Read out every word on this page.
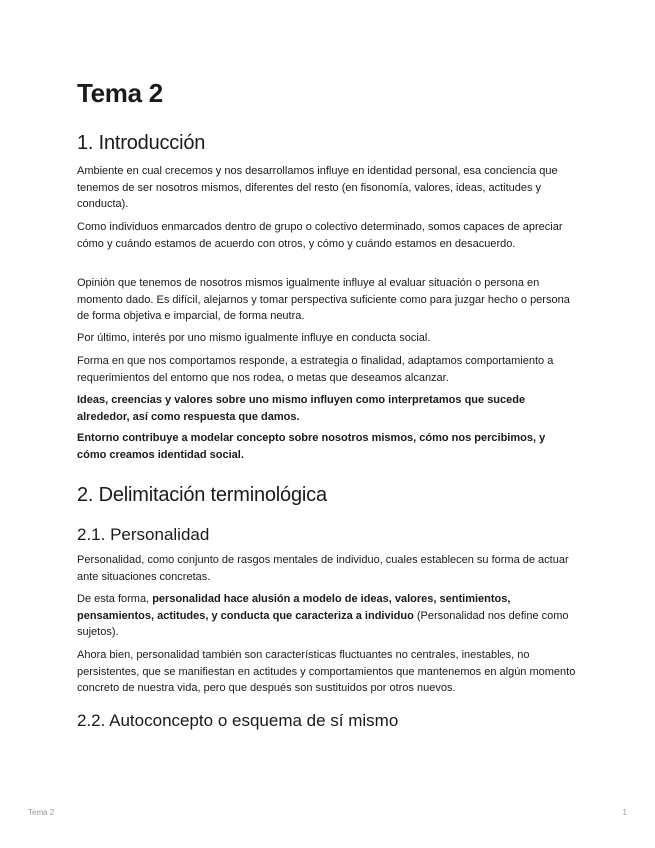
Tema 2
1. Introducción

Ambiente en cual crecemos y nos desarrollamos influye en identidad personal, esa conciencia que tenemos de ser nosotros mismos, diferentes del resto (en fisonomía, valores, ideas, actitudes y conducta).

Como individuos enmarcados dentro de grupo o colectivo determinado, somos capaces de apreciar cómo y cuándo estamos de acuerdo con otros, y cómo y cuándo estamos en desacuerdo.

Opinión que tenemos de nosotros mismos igualmente influye al evaluar situación o persona en momento dado. Es difícil, alejarnos y tomar perspectiva suficiente como para juzgar hecho o persona de forma objetiva e imparcial, de forma neutra.

Por último, interés por uno mismo igualmente influye en conducta social.

Forma en que nos comportamos responde, a estrategia o finalidad, adaptamos comportamiento a requerimientos del entorno que nos rodea, o metas que deseamos alcanzar.

Ideas, creencias y valores sobre uno mismo influyen como interpretamos que sucede alrededor, así como respuesta que damos.

Entorno contribuye a modelar concepto sobre nosotros mismos, cómo nos percibimos, y cómo creamos identidad social.

2. Delimitación terminológica
2.1. Personalidad

Personalidad, como conjunto de rasgos mentales de individuo, cuales establecen su forma de actuar ante situaciones concretas.

De esta forma, personalidad hace alusión a modelo de ideas, valores, sentimientos, pensamientos, actitudes, y conducta que caracteriza a individuo (Personalidad nos define como sujetos).

Ahora bien, personalidad también son características fluctuantes no centrales, inestables, no persistentes, que se manifiestan en actitudes y comportamientos que mantenemos en algún momento concreto de nuestra vida, pero que después son sustituidos por otros nuevos.

2.2. Autoconcepto o esquema de sí mismo
Tema 2	1
